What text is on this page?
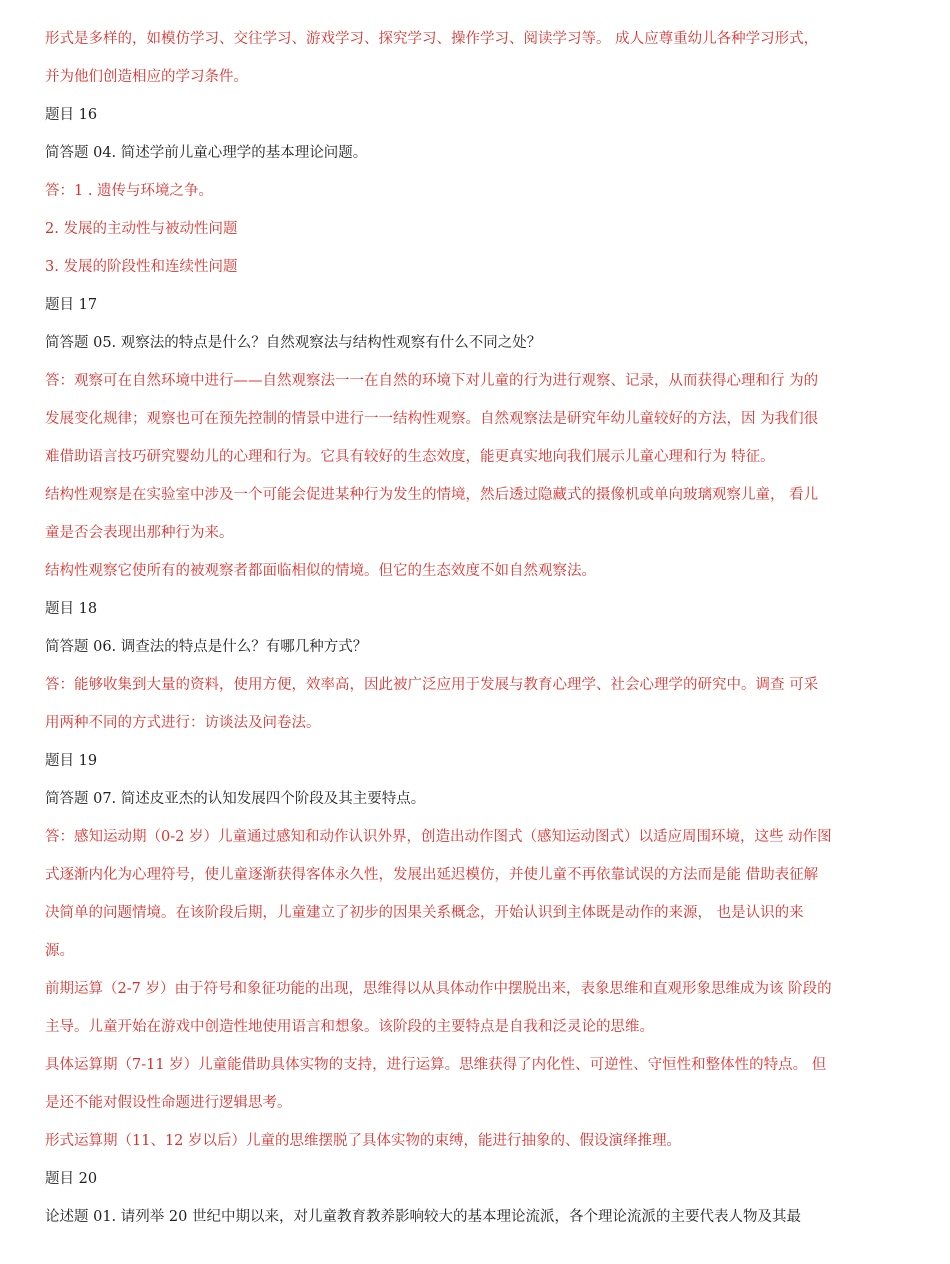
形式是多样的，如模仿学习、交往学习、游戏学习、探究学习、操作学习、阅读学习等。 成人应尊重幼儿各种学习形式，

并为他们创造相应的学习条件。

题目 16

简答题 04. 简述学前儿童心理学的基本理论问题。

答：1 . 遗传与环境之争。

2. 发展的主动性与被动性问题

3. 发展的阶段性和连续性问题

题目 17

简答题 05. 观察法的特点是什么？自然观察法与结构性观察有什么不同之处？

答：观察可在自然环境中进行——自然观察法一一在自然的环境下对儿童的行为进行观察、记录，从而获得心理和行 为的

发展变化规律；观察也可在预先控制的情景中进行一一结构性观察。自然观察法是研究年幼儿童较好的方法，因 为我们很

难借助语言技巧研究婴幼儿的心理和行为。它具有较好的生态效度，能更真实地向我们展示儿童心理和行为 特征。

结构性观察是在实验室中涉及一个可能会促进某种行为发生的情境，然后透过隐藏式的摄像机或单向玻璃观察儿童， 看儿

童是否会表现出那种行为来。

结构性观察它使所有的被观察者都面临相似的情境。但它的生态效度不如自然观察法。

题目 18

简答题 06. 调查法的特点是什么？有哪几种方式？

答：能够收集到大量的资料，使用方便，效率高，因此被广泛应用于发展与教育心理学、社会心理学的研究中。调查 可采

用两种不同的方式进行：访谈法及问卷法。

题目 19

简答题 07. 简述皮亚杰的认知发展四个阶段及其主要特点。

答：感知运动期（0-2 岁）儿童通过感知和动作认识外界，创造出动作图式（感知运动图式）以适应周围环境，这些 动作图

式逐渐内化为心理符号，使儿童逐渐获得客体永久性，发展出延迟模仿，并使儿童不再依靠试误的方法而是能 借助表征解

决简单的问题情境。在该阶段后期，儿童建立了初步的因果关系概念，开始认识到主体既是动作的来源， 也是认识的来

源。

前期运算（2-7 岁）由于符号和象征功能的出现，思维得以从具体动作中摆脱出来，表象思维和直观形象思维成为该 阶段的

主导。儿童开始在游戏中创造性地使用语言和想象。该阶段的主要特点是自我和泛灵论的思维。

具体运算期（7-11 岁）儿童能借助具体实物的支持，进行运算。思维获得了内化性、可逆性、守恒性和整体性的特点。 但

是还不能对假设性命题进行逻辑思考。

形式运算期（11、12 岁以后）儿童的思维摆脱了具体实物的束缚，能进行抽象的、假设演绎推理。

题目 20

论述题 01. 请列举 20 世纪中期以来，对儿童教育教养影响较大的基本理论流派，各个理论流派的主要代表人物及其最
